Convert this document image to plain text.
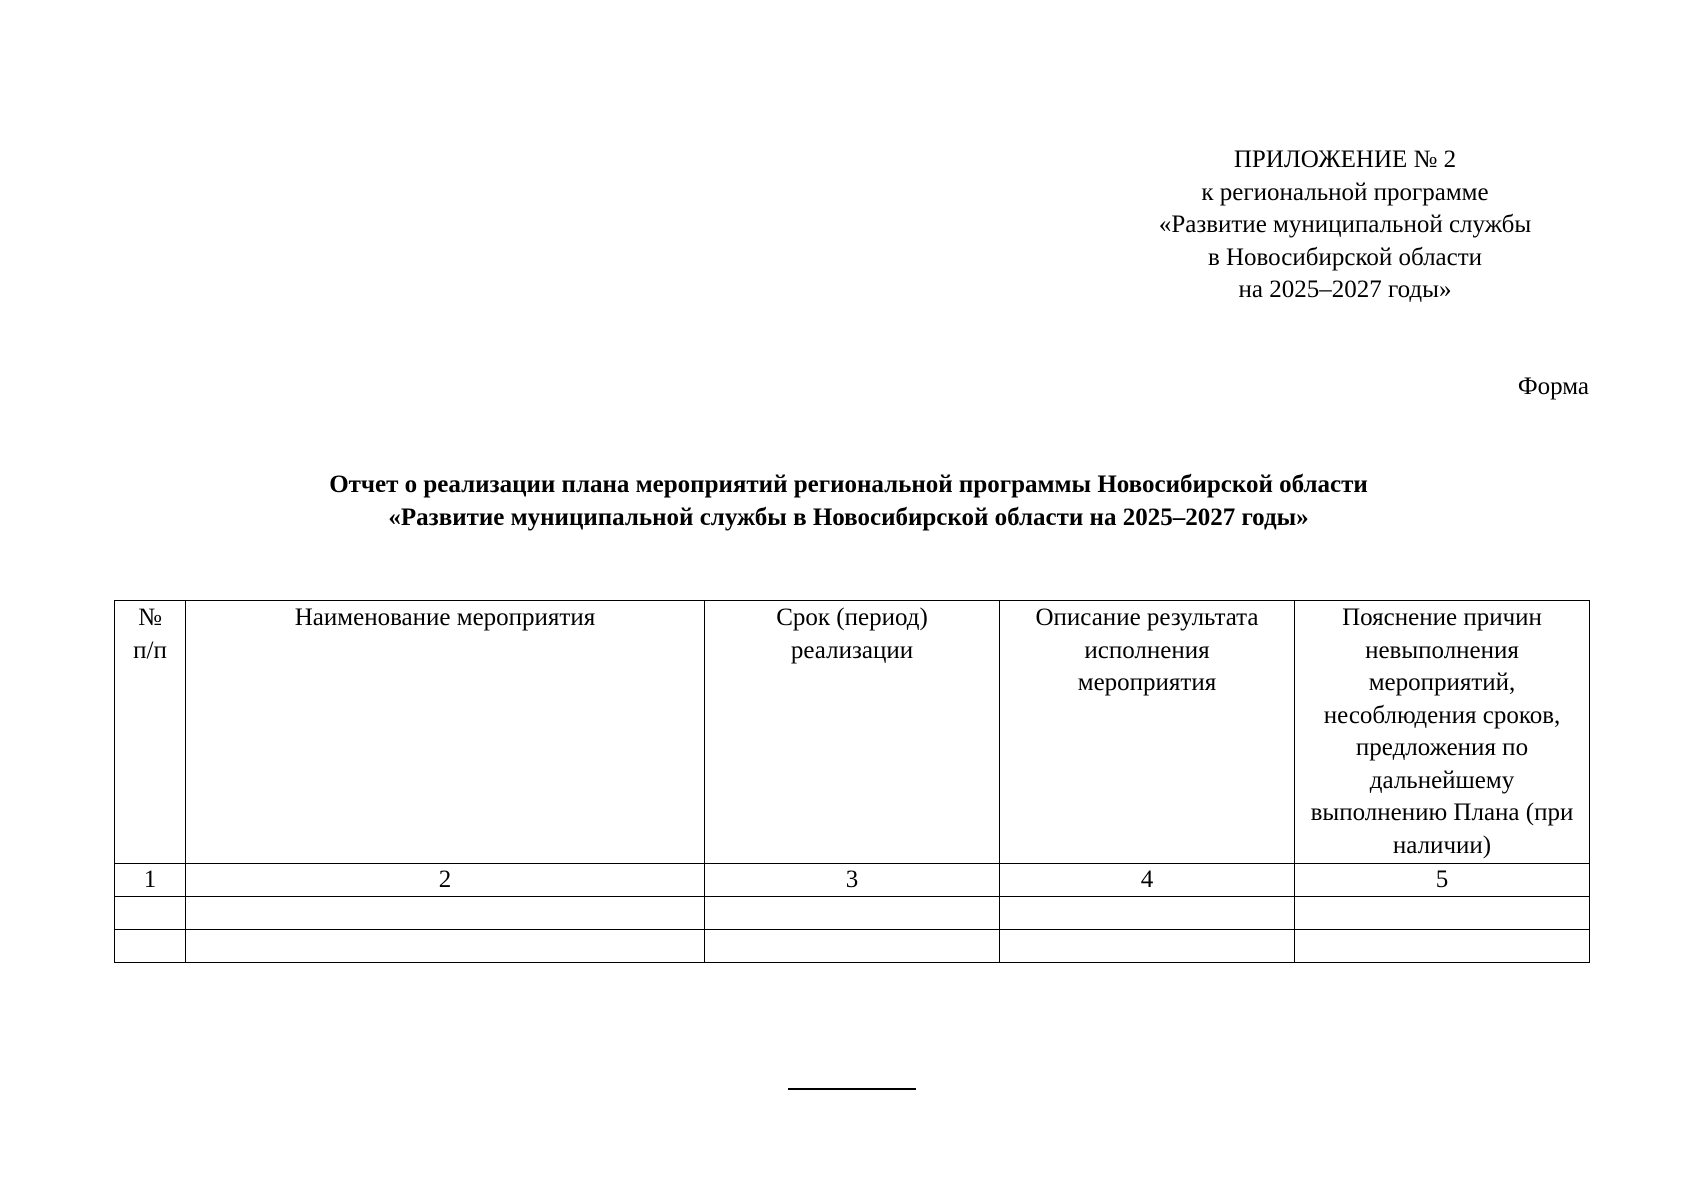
ПРИЛОЖЕНИЕ № 2
к региональной программе
«Развитие муниципальной службы
в Новосибирской области
на 2025–2027 годы»
Форма
Отчет о реализации плана мероприятий региональной программы Новосибирской области
«Развитие муниципальной службы в Новосибирской области на 2025–2027 годы»
№ п/п	Наименование мероприятия	Срок (период) реализации	Описание результата исполнения мероприятия	Пояснение причин невыполнения мероприятий, несоблюдения сроков, предложения по дальнейшему выполнению Плана (при наличии)

1	2	3	4	5
